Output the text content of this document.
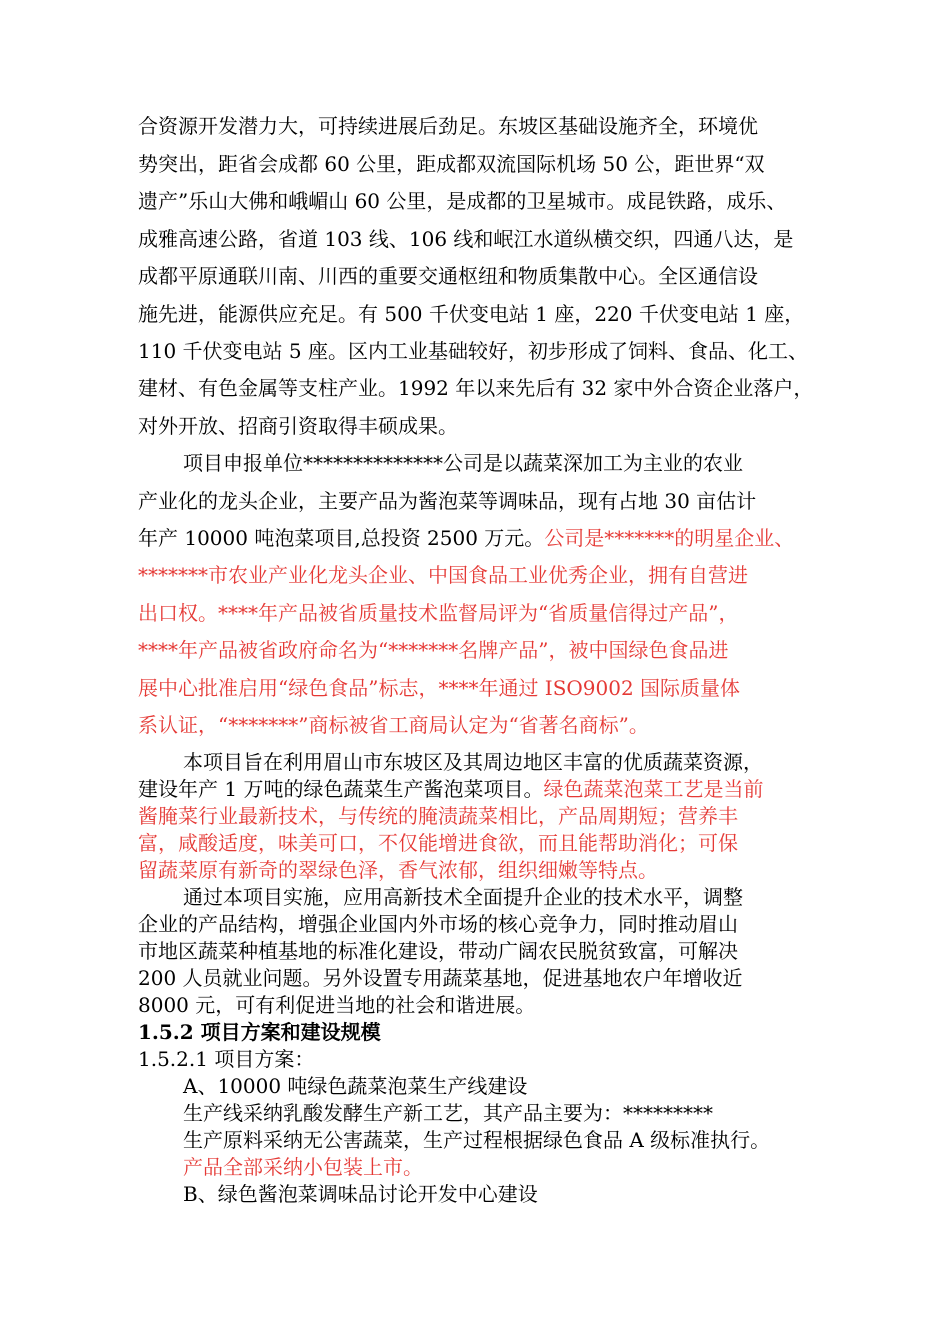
合资源开发潜力大，可持续进展后劲足。东坡区基础设施齐全，环境优
势突出，距省会成都 60 公里，距成都双流国际机场 50 公，距世界“双
遗产”乐山大佛和峨嵋山 60 公里，是成都的卫星城市。成昆铁路，成乐、
成雅高速公路，省道 103 线、106 线和岷江水道纵横交织，四通八达，是
成都平原通联川南、川西的重要交通枢纽和物质集散中心。全区通信设
施先进，能源供应充足。有 500 千伏变电站 1 座，220 千伏变电站 1 座，
110 千伏变电站 5 座。区内工业基础较好，初步形成了饲料、食品、化工、
建材、有色金属等支柱产业。1992 年以来先后有 32 家中外合资企业落户，
对外开放、招商引资取得丰硕成果。
项目申报单位**************公司是以蔬菜深加工为主业的农业
产业化的龙头企业，主要产品为酱泡菜等调味品，现有占地 30 亩估计
年产 10000 吨泡菜项目,总投资 2500 万元。公司是*******的明星企业、
*******市农业产业化龙头企业、中国食品工业优秀企业，拥有自营进
出口权。****年产品被省质量技术监督局评为“省质量信得过产品”，
****年产品被省政府命名为“*******名牌产品”，被中国绿色食品进
展中心批准启用“绿色食品”标志，****年通过 ISO9002 国际质量体
系认证，“*******”商标被省工商局认定为“省著名商标”。
本项目旨在利用眉山市东坡区及其周边地区丰富的优质蔬菜资源，
建设年产 1 万吨的绿色蔬菜生产酱泡菜项目。绿色蔬菜泡菜工艺是当前
酱腌菜行业最新技术，与传统的腌渍蔬菜相比，产品周期短；营养丰
富，咸酸适度，味美可口，不仅能增进食欲，而且能帮助消化；可保
留蔬菜原有新奇的翠绿色泽，香气浓郁，组织细嫩等特点。
通过本项目实施，应用高新技术全面提升企业的技术水平，调整
企业的产品结构，增强企业国内外市场的核心竞争力，同时推动眉山
市地区蔬菜种植基地的标准化建设，带动广阔农民脱贫致富，可解决
200 人员就业问题。另外设置专用蔬菜基地，促进基地农户年增收近
8000 元，可有利促进当地的社会和谐进展。
1.5.2 项目方案和建设规模
1.5.2.1 项目方案：
A、10000 吨绿色蔬菜泡菜生产线建设
生产线采纳乳酸发酵生产新工艺，其产品主要为：*********
生产原料采纳无公害蔬菜，生产过程根据绿色食品 A 级标准执行。
产品全部采纳小包装上市。
B、绿色酱泡菜调味品讨论开发中心建设
